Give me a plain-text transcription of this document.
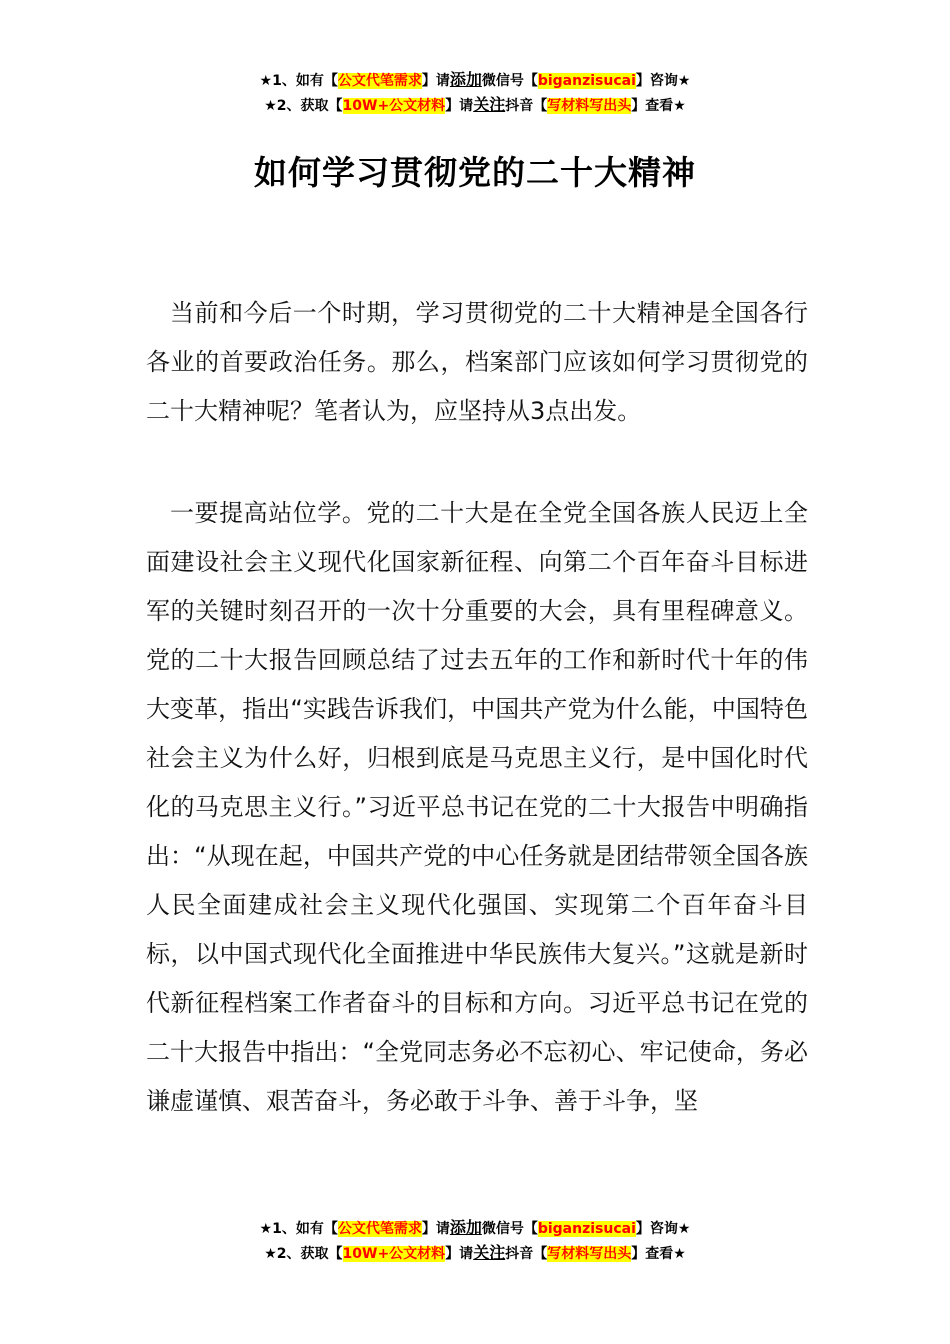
★1、如有【公文代笔需求】请添加微信号【biganzisucai】咨询★
★2、获取【10W+公文材料】请关注抖音【写材料写出头】查看★
如何学习贯彻党的二十大精神
当前和今后一个时期，学习贯彻党的二十大精神是全国各行各业的首要政治任务。那么，档案部门应该如何学习贯彻党的二十大精神呢？笔者认为，应坚持从3点出发。
一要提高站位学。党的二十大是在全党全国各族人民迈上全面建设社会主义现代化国家新征程、向第二个百年奋斗目标进军的关键时刻召开的一次十分重要的大会，具有里程碑意义。党的二十大报告回顾总结了过去五年的工作和新时代十年的伟大变革，指出“实践告诉我们，中国共产党为什么能，中国特色社会主义为什么好，归根到底是马克思主义行，是中国化时代化的马克思主义行。”习近平总书记在党的二十大报告中明确指出：“从现在起，中国共产党的中心任务就是团结带领全国各族人民全面建成社会主义现代化强国、实现第二个百年奋斗目标，以中国式现代化全面推进中华民族伟大复兴。”这就是新时代新征程档案工作者奋斗的目标和方向。习近平总书记在党的二十大报告中指出：“全党同志务必不忘初心、牢记使命，务必谦虚谨慎、艰苦奋斗，务必敢于斗争、善于斗争，坚
★1、如有【公文代笔需求】请添加微信号【biganzisucai】咨询★
★2、获取【10W+公文材料】请关注抖音【写材料写出头】查看★
